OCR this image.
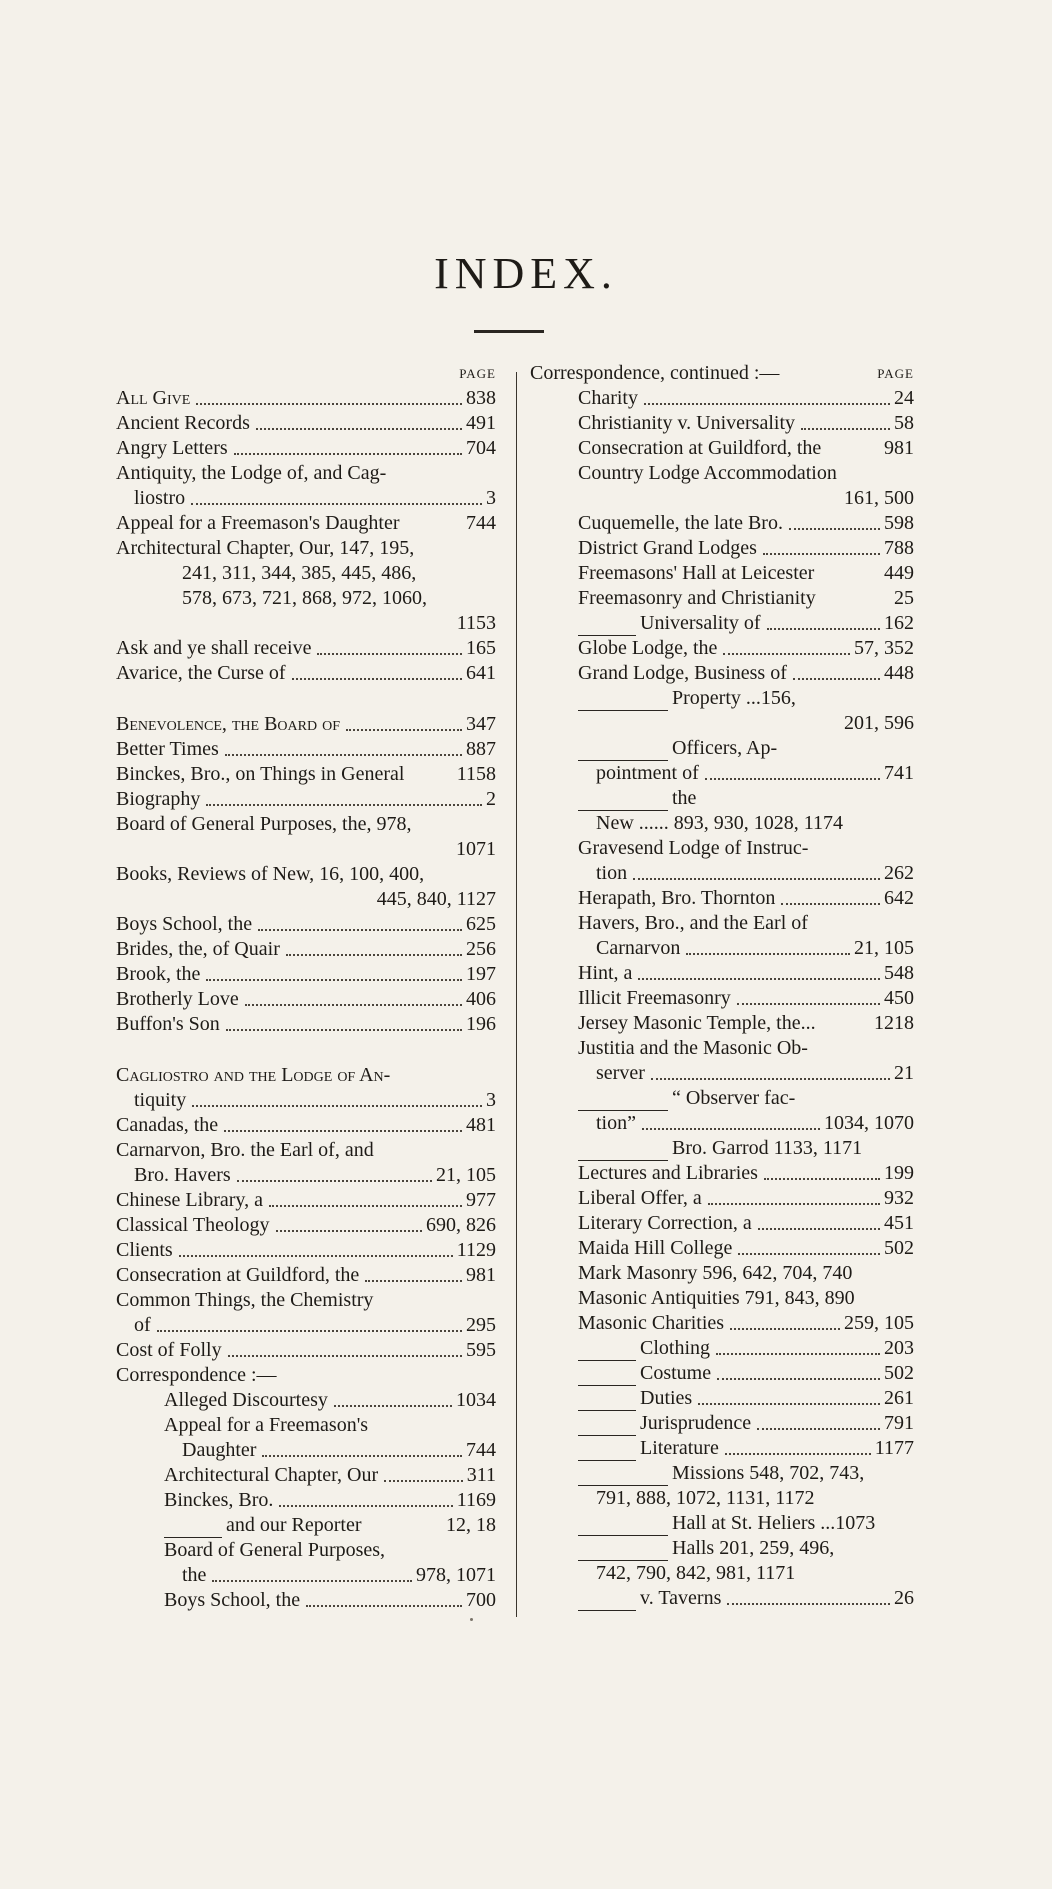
INDEX.
PAGE
All Give	838
Ancient Records	491
Angry Letters	704
Antiquity, the Lodge of, and Cag-
liostro	3
Appeal for a Freemason's Daughter	744
Architectural Chapter, Our, 147, 195,
241, 311, 344, 385, 445, 486,
578, 673, 721, 868, 972, 1060,
1153
Ask and ye shall receive	165
Avarice, the Curse of	641
Benevolence, the Board of	347
Better Times	887
Binckes, Bro., on Things in General	1158
Biography	2
Board of General Purposes, the, 978,
1071
Books, Reviews of New, 16, 100, 400,
445, 840, 1127
Boys School, the	625
Brides, the, of Quair	256
Brook, the	197
Brotherly Love	406
Buffon's Son	196
Cagliostro and the Lodge of An-
tiquity	3
Canadas, the	481
Carnarvon, Bro. the Earl of, and
Bro. Havers	21, 105
Chinese Library, a	977
Classical Theology	690, 826
Clients	1129
Consecration at Guildford, the	981
Common Things, the Chemistry
of	295
Cost of Folly	595
Correspondence :—
Alleged Discourtesy	1034
Appeal for a Freemason's
Daughter	744
Architectural Chapter, Our	311
Binckes, Bro.	1169
and our Reporter	12, 18
Board of General Purposes,
the	978, 1071
Boys School, the	700
Correspondence, continued :—	PAGE
Charity	24
Christianity v. Universality	58
Consecration at Guildford, the	981
Country Lodge Accommodation
161, 500
Cuquemelle, the late Bro.	598
District Grand Lodges	788
Freemasons' Hall at Leicester	449
Freemasonry and Christianity	25
Universality of	162
Globe Lodge, the	57, 352
Grand Lodge, Business of	448
Property ...156,
201, 596
Officers, Ap-
pointment of	741
the
New ...... 893, 930, 1028, 1174
Gravesend Lodge of Instruc-
tion	262
Herapath, Bro. Thornton	642
Havers, Bro., and the Earl of
Carnarvon	21, 105
Hint, a	548
Illicit Freemasonry	450
Jersey Masonic Temple, the...	1218
Justitia and the Masonic Ob-
server	21
“ Observer fac-
tion”	1034, 1070
Bro. Garrod 1133, 1171
Lectures and Libraries	199
Liberal Offer, a	932
Literary Correction, a	451
Maida Hill College	502
Mark Masonry 596, 642, 704, 740
Masonic Antiquities 791, 843, 890
Masonic Charities	259, 105
Clothing	203
Costume	502
Duties	261
Jurisprudence	791
Literature	1177
Missions 548, 702, 743,
791, 888, 1072, 1131, 1172
Hall at St. Heliers ...1073
Halls 201, 259, 496,
742, 790, 842, 981, 1171
v. Taverns	26
